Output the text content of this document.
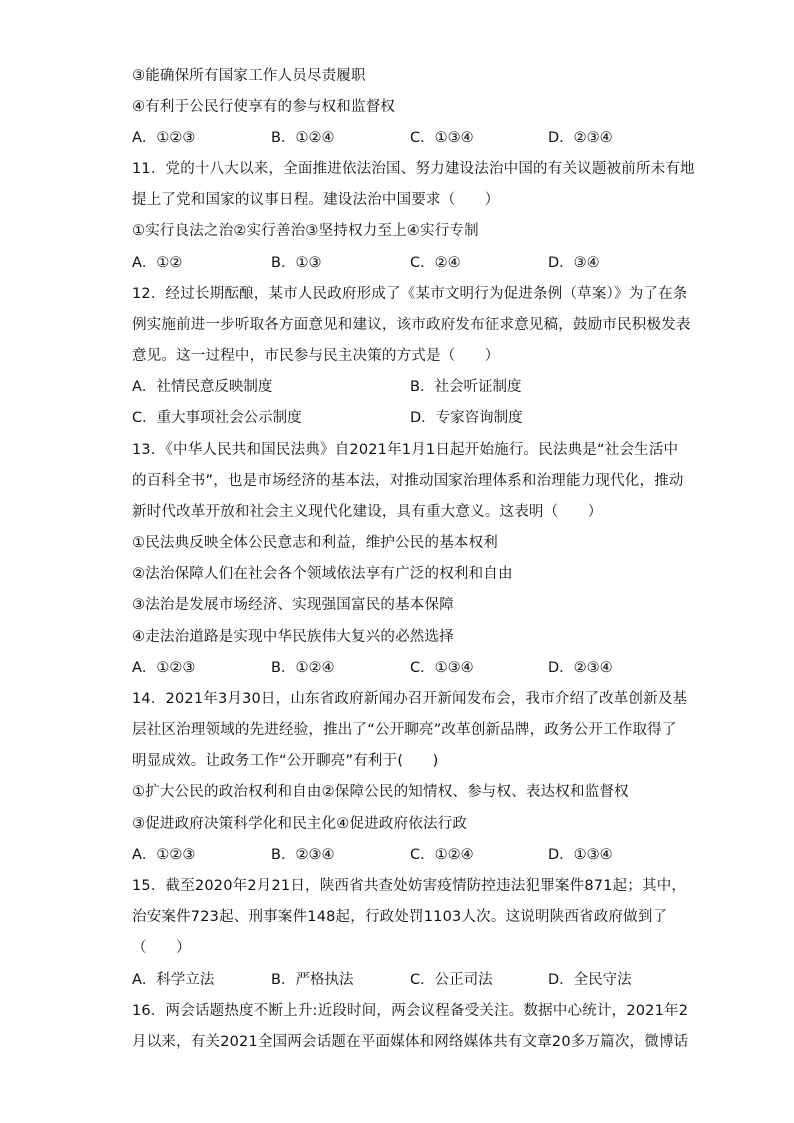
③能确保所有国家工作人员尽责履职
④有利于公民行使享有的参与权和监督权
A．①②③	B．①②④	C．①③④	D．②③④
11．党的十八大以来，全面推进依法治国、努力建设法治中国的有关议题被前所未有地
提上了党和国家的议事日程。建设法治中国要求（　　）
①实行良法之治②实行善治③坚持权力至上④实行专制
A．①②	B．①③	C．②④	D．③④
12．经过长期酝酿，某市人民政府形成了《某市文明行为促进条例（草案）》为了在条
例实施前进一步听取各方面意见和建议，该市政府发布征求意见稿，鼓励市民积极发表
意见。这一过程中，市民参与民主决策的方式是（　　）
A．社情民意反映制度	B．社会听证制度
C．重大事项社会公示制度	D．专家咨询制度
13．《中华人民共和国民法典》自2021年1月1日起开始施行。民法典是“社会生活中
的百科全书”，也是市场经济的基本法，对推动国家治理体系和治理能力现代化，推动
新时代改革开放和社会主义现代化建设，具有重大意义。这表明（　　）
①民法典反映全体公民意志和利益，维护公民的基本权利
②法治保障人们在社会各个领域依法享有广泛的权利和自由
③法治是发展市场经济、实现强国富民的基本保障
④走法治道路是实现中华民族伟大复兴的必然选择
A．①②③	B．①②④	C．①③④	D．②③④
14．2021年3月30日，山东省政府新闻办召开新闻发布会，我市介绍了改革创新及基
层社区治理领域的先进经验，推出了“公开聊亮”改革创新品牌，政务公开工作取得了
明显成效。让政务工作“公开聊亮”有利于(　　)
①扩大公民的政治权利和自由②保障公民的知情权、参与权、表达权和监督权
③促进政府决策科学化和民主化④促进政府依法行政
A．①②③	B．②③④	C．①②④	D．①③④
15．截至2020年2月21日，陕西省共查处妨害疫情防控违法犯罪案件871起；其中，
治安案件723起、刑事案件148起，行政处罚1103人次。这说明陕西省政府做到了
（　　）
A．科学立法	B．严格执法	C．公正司法	D．全民守法
16．两会话题热度不断上升:近段时间，两会议程备受关注。数据中心统计，2021年2
月以来，有关2021全国两会话题在平面媒体和网络媒体共有文章20多万篇次，微博话
